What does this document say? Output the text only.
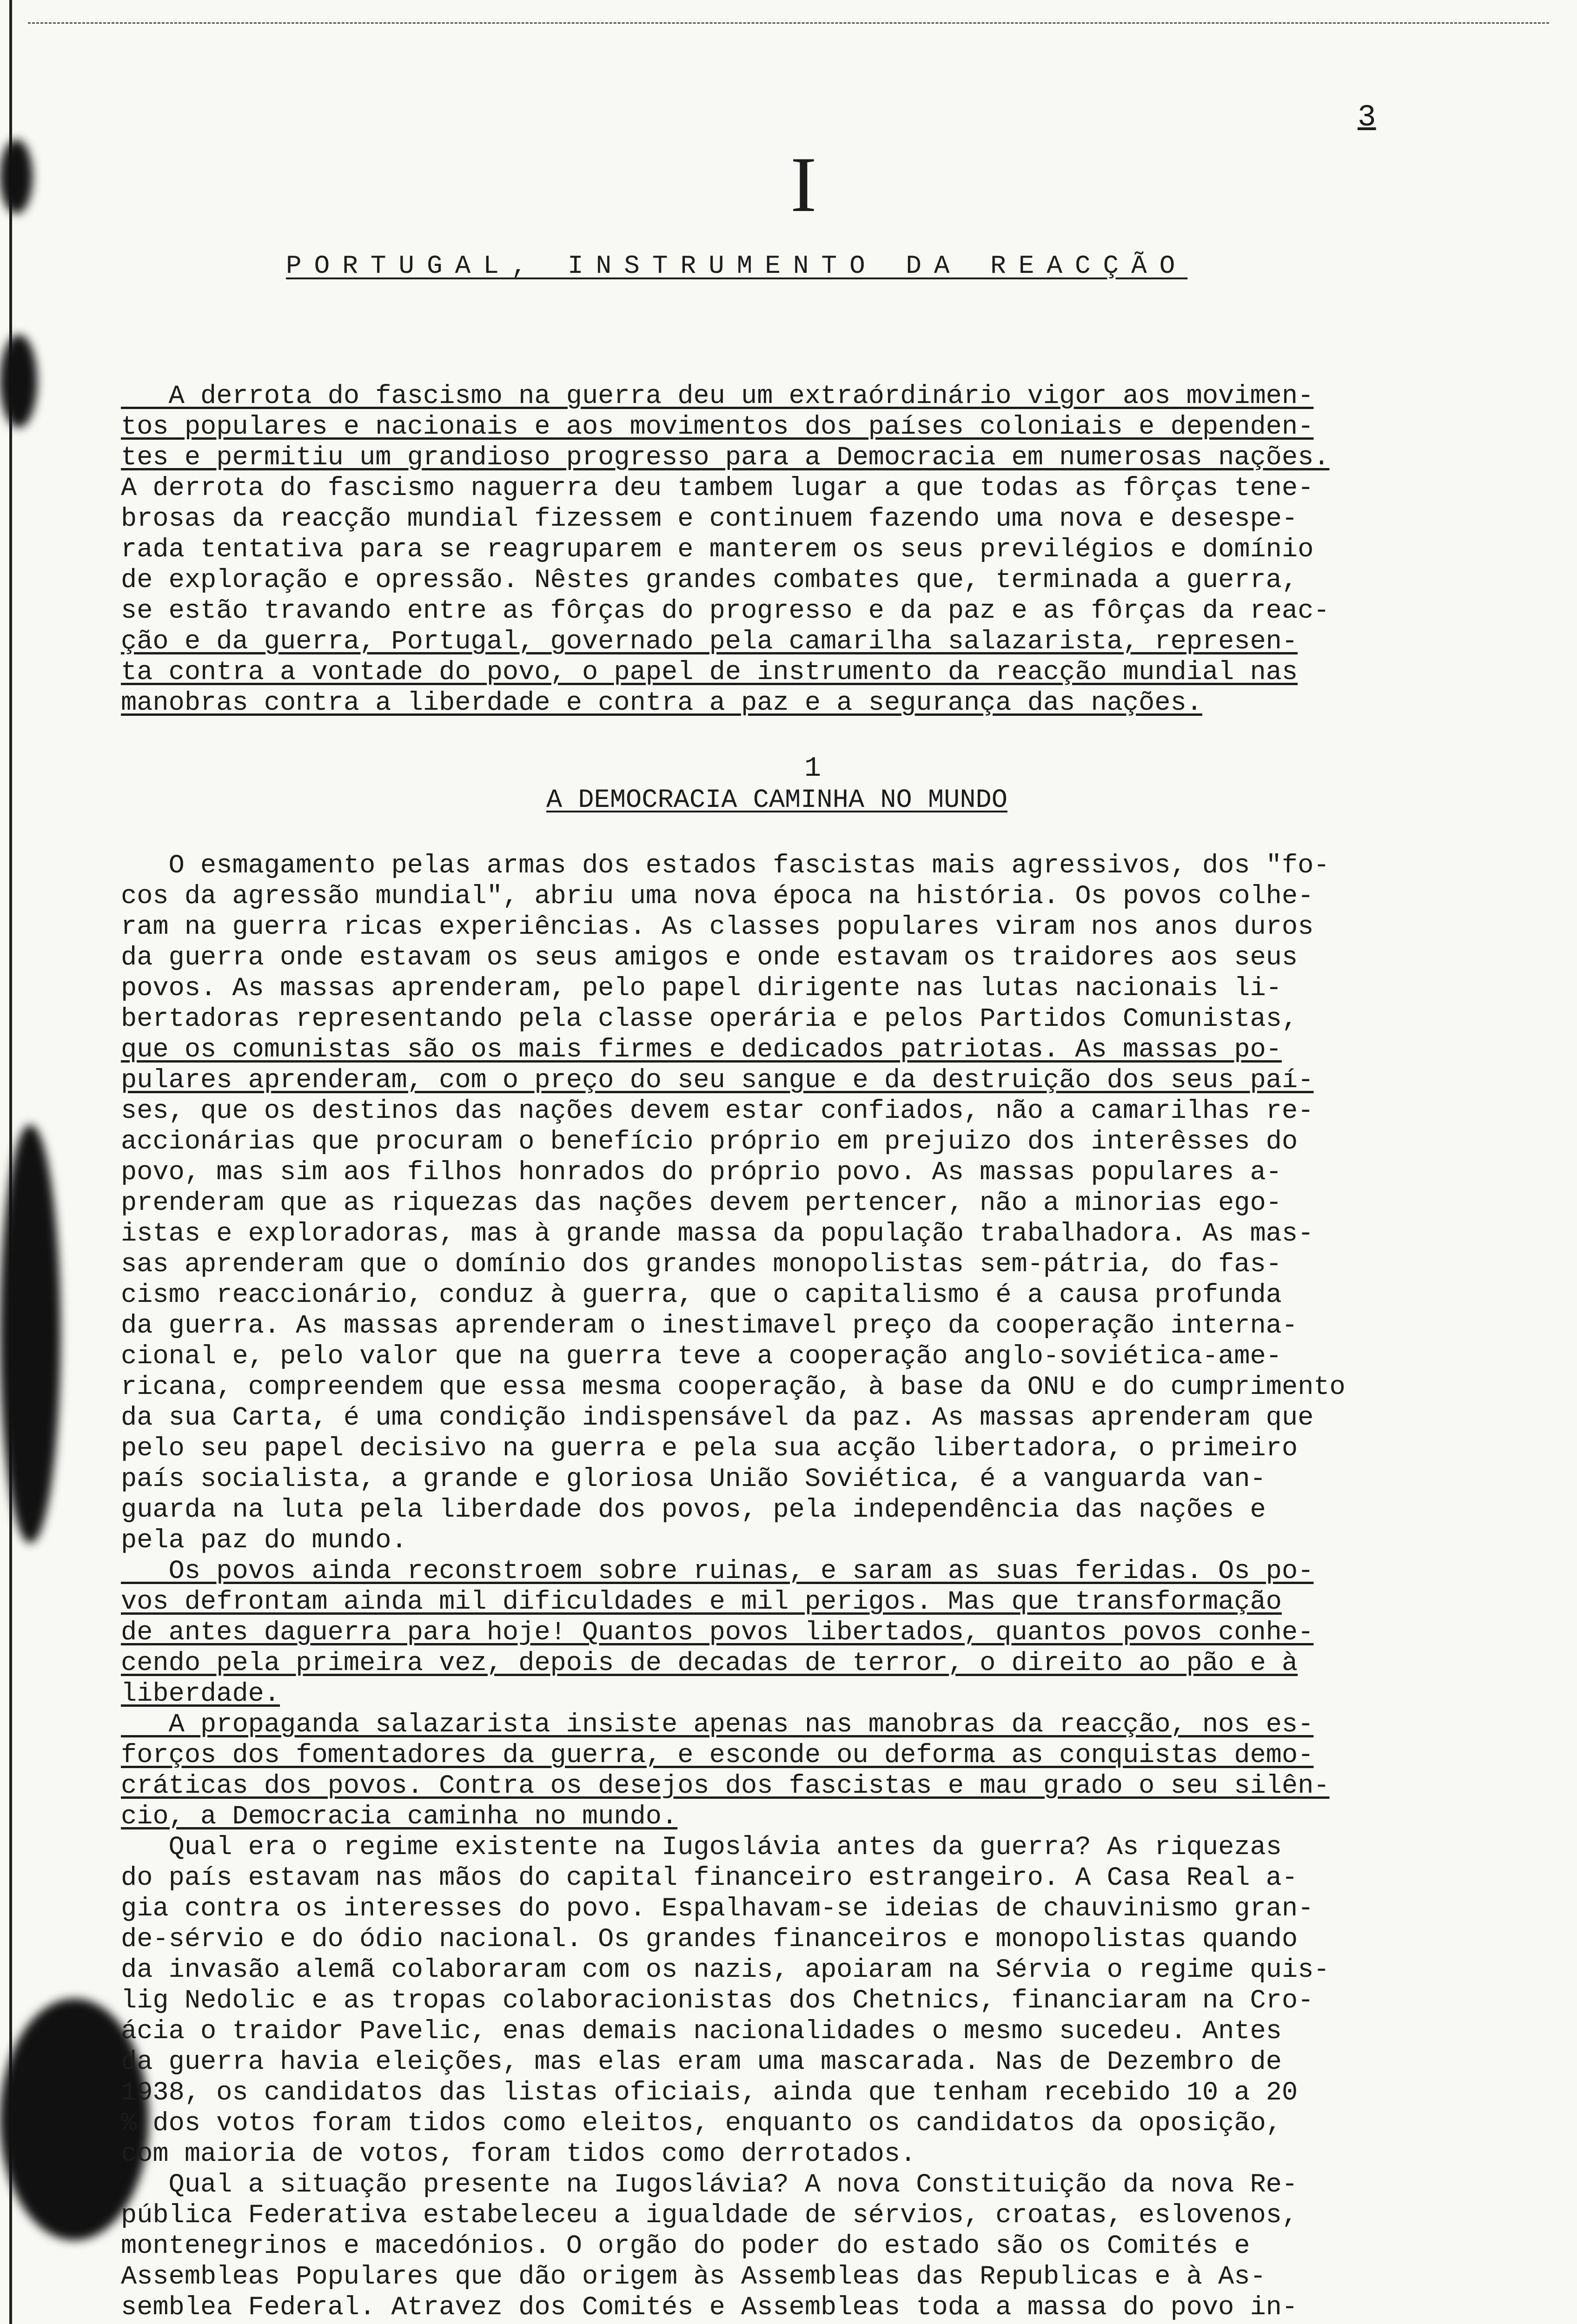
3
I
PORTUGAL, INSTRUMENTO DA REACÇÃO
A derrota do fascismo na guerra deu um extraórdinário vigor aos movimen-
tos populares e nacionais e aos movimentos dos países coloniais e dependen-
tes e permitiu um grandioso progresso para a Democracia em numerosas nações.
A derrota do fascismo naguerra deu tambem lugar a que todas as fôrças tene-
brosas da reacção mundial fizessem e continuem fazendo uma nova e desespe-
rada tentativa para se reagruparem e manterem os seus previlégios e domínio
de exploração e opressão. Nêstes grandes combates que, terminada a guerra,
se estão travando entre as fôrças do progresso e da paz e as fôrças da reac-
ção e da guerra, Portugal, governado pela camarilha salazarista, represen-
ta contra a vontade do povo, o papel de instrumento da reacção mundial nas
manobras contra a liberdade e contra a paz e a segurança das nações.
1
A DEMOCRACIA CAMINHA NO MUNDO
O esmagamento pelas armas dos estados fascistas mais agressivos, dos "fo-
cos da agressão mundial", abriu uma nova época na história. Os povos colhe-
ram na guerra ricas experiências. As classes populares viram nos anos duros
da guerra onde estavam os seus amigos e onde estavam os traidores aos seus
povos. As massas aprenderam, pelo papel dirigente nas lutas nacionais li-
bertadoras representando pela classe operária e pelos Partidos Comunistas,
que os comunistas são os mais firmes e dedicados patriotas. As massas po-
pulares aprenderam, com o preço do seu sangue e da destruição dos seus paí-
ses, que os destinos das nações devem estar confiados, não a camarilhas re-
accionárias que procuram o benefício próprio em prejuizo dos interêsses do
povo, mas sim aos filhos honrados do próprio povo. As massas populares a-
prenderam que as riquezas das nações devem pertencer, não a minorias ego-
istas e exploradoras, mas à grande massa da população trabalhadora. As mas-
sas aprenderam que o domínio dos grandes monopolistas sem-pátria, do fas-
cismo reaccionário, conduz à guerra, que o capitalismo é a causa profunda
da guerra. As massas aprenderam o inestimavel preço da cooperação interna-
cional e, pelo valor que na guerra teve a cooperação anglo-soviética-ame-
ricana, compreendem que essa mesma cooperação, à base da ONU e do cumprimento
da sua Carta, é uma condição indispensável da paz. As massas aprenderam que
pelo seu papel decisivo na guerra e pela sua acção libertadora, o primeiro
país socialista, a grande e gloriosa União Soviética, é a vanguarda van-
guarda na luta pela liberdade dos povos, pela independência das nações e
pela paz do mundo.
Os povos ainda reconstroem sobre ruinas, e saram as suas feridas. Os po-
vos defrontam ainda mil dificuldades e mil perigos. Mas que transformação
de antes daguerra para hoje! Quantos povos libertados, quantos povos conhe-
cendo pela primeira vez, depois de decadas de terror, o direito ao pão e à
liberdade.
A propaganda salazarista insiste apenas nas manobras da reacção, nos es-
forços dos fomentadores da guerra, e esconde ou deforma as conquistas demo-
cráticas dos povos. Contra os desejos dos fascistas e mau grado o seu silên-
cio, a Democracia caminha no mundo.
Qual era o regime existente na Iugoslávia antes da guerra? As riquezas
do país estavam nas mãos do capital financeiro estrangeiro. A Casa Real a-
gia contra os interesses do povo. Espalhavam-se ideias de chauvinismo gran-
de-sérvio e do ódio nacional. Os grandes financeiros e monopolistas quando
da invasão alemã colaboraram com os nazis, apoiaram na Sérvia o regime quis-
lig Nedolic e as tropas colaboracionistas dos Chetnics, financiaram na Cro-
ácia o traidor Pavelic, enas demais nacionalidades o mesmo sucedeu. Antes
da guerra havia eleições, mas elas eram uma mascarada. Nas de Dezembro de
1938, os candidatos das listas oficiais, ainda que tenham recebido 10 a 20
% dos votos foram tidos como eleitos, enquanto os candidatos da oposição,
com maioria de votos, foram tidos como derrotados.
Qual a situação presente na Iugoslávia? A nova Constituição da nova Re-
pública Federativa estabeleceu a igualdade de sérvios, croatas, eslovenos,
montenegrinos e macedónios. O orgão do poder do estado são os Comités e
Assembleas Populares que dão origem às Assembleas das Republicas e à As-
semblea Federal. Atravez dos Comités e Assembleas toda a massa do povo in-
